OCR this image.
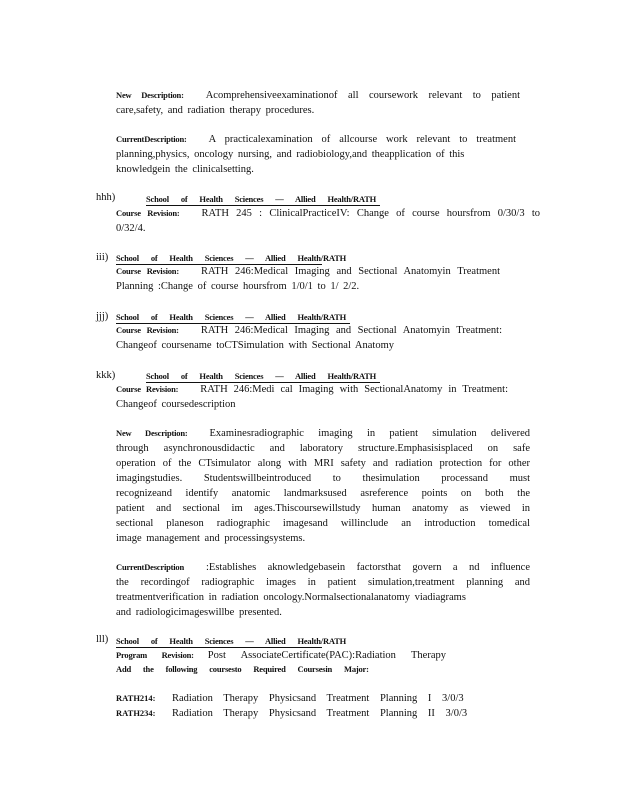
New Description: Acomprehensiveexaminationof all coursework relevant to patient
care,safety, and radiation therapy procedures.
CurrentDescription: A practicalexamination of allcourse work relevant to treatment
planning,physics, oncology nursing, and radiobiology,and theapplication of this
knowledgein the clinicalsetting.
hhh)	School of Health Sciences — Allied Health/RATH
Course Revision: RATH 245 : ClinicalPracticeIV: Change of course hoursfrom 0/30/3 to
0/32/4.
iii) School of Health Sciences — Allied Health/RATH
Course Revision: RATH 246:Medical Imaging and Sectional Anatomyin Treatment
Planning :Change of course hoursfrom 1/0/1 to 1/ 2/2.
jjj) School of Health Sciences — Allied Health/RATH
Course Revision: RATH 246:Medical Imaging and Sectional Anatomyin Treatment:
Changeof coursename toCTSimulation with Sectional Anatomy
kkk)	School of Health Sciences — Allied Health/RATH
Course Revision: RATH 246:Medi cal Imaging with SectionalAnatomy in Treatment:
Changeof coursedescription
New Description: Examinesradiographic imaging in patient simulation delivered
through asynchronousdidactic and laboratory structure.Emphasisisplaced on safe
operation of the CTsimulator along with MRI safety and radiation protection for other
imagingstudies. Studentswillbeintroduced to thesimulation processand must
recognizeand identify anatomic landmarksused asreference points on both the
patient and sectional im ages.Thiscoursewillstudy human anatomy as viewed in
sectional planeson radiographic imagesand willinclude an introduction tomedical
image management and processingsystems.
CurrentDescription :Establishes aknowledgebasein factorsthat govern a nd influence
the recordingof radiographic images in patient simulation,treatment planning and
treatmentverification in radiation oncology.Normalsectionalanatomy viadiagrams
and radiologicimageswillbe presented.
lll) School of Health Sciences — Allied Health/RATH
Program Revision: Post AssociateCertificate(PAC):Radiation Therapy
Add the following coursesto Required Coursesin Major:
RATH214: Radiation Therapy Physicsand Treatment Planning I 3/0/3
RATH234: Radiation Therapy Physicsand Treatment Planning II 3/0/3
